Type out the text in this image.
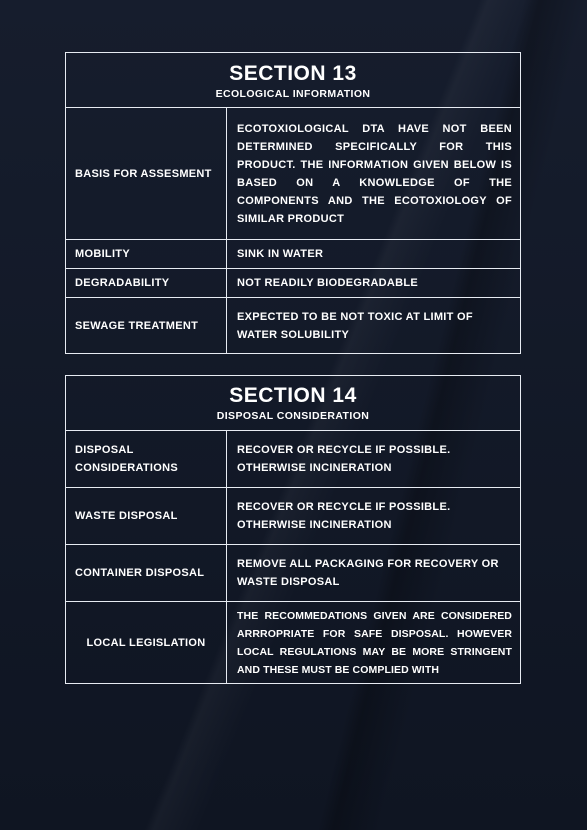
SECTION 13
ECOLOGICAL INFORMATION
BASIS FOR ASSESMENT
ECOTOXIOLOGICAL DTA HAVE NOT BEEN DETERMINED SPECIFICALLY FOR THIS PRODUCT. THE INFORMATION GIVEN BELOW IS BASED ON A KNOWLEDGE OF THE COMPONENTS AND THE ECOTOXIOLOGY OF SIMILAR PRODUCT
MOBILITY	SINK IN WATER
DEGRADABILITY	NOT READILY BIODEGRADABLE
SEWAGE TREATMENT
EXPECTED TO BE NOT TOXIC AT LIMIT OF WATER SOLUBILITY
SECTION 14
DISPOSAL CONSIDERATION
DISPOSAL CONSIDERATIONS
RECOVER OR RECYCLE IF POSSIBLE. OTHERWISE INCINERATION
WASTE DISPOSAL
RECOVER OR RECYCLE IF POSSIBLE. OTHERWISE INCINERATION
CONTAINER DISPOSAL
REMOVE ALL PACKAGING FOR RECOVERY OR WASTE DISPOSAL
LOCAL LEGISLATION
THE RECOMMEDATIONS GIVEN ARE CONSIDERED ARRROPRIATE FOR SAFE DISPOSAL. HOWEVER LOCAL REGULATIONS MAY BE MORE STRINGENT AND THESE MUST BE COMPLIED WITH
